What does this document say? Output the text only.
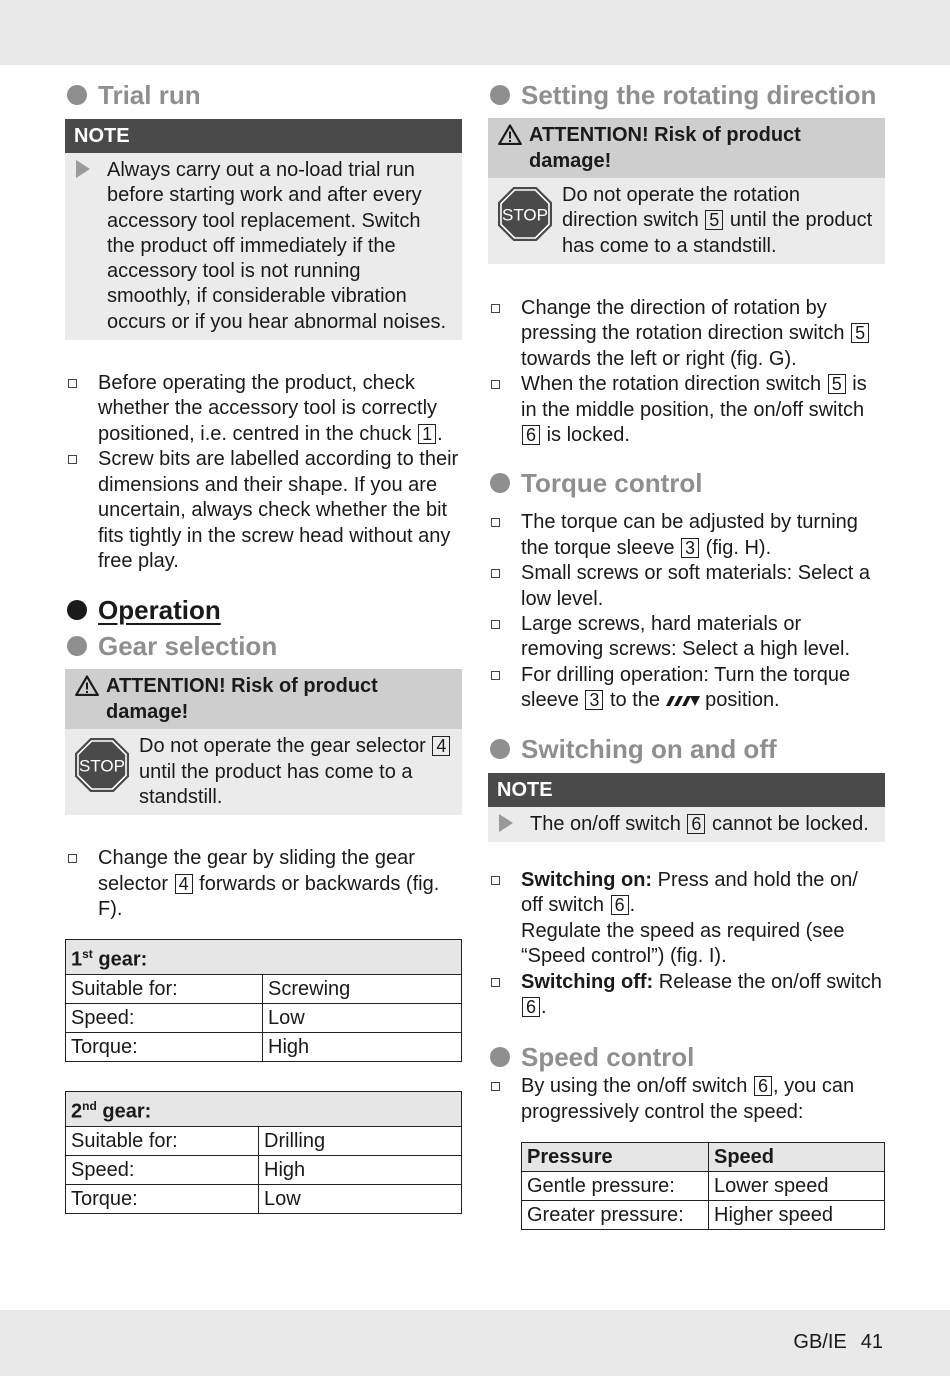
Trial run
NOTE
Always carry out a no-load trial run before starting work and after every accessory tool replacement. Switch the product off immediately if the accessory tool is not running smoothly, if considerable vibration occurs or if you hear abnormal noises.
Before operating the product, check whether the accessory tool is correctly positioned, i.e. centred in the chuck 1 .
Screw bits are labelled according to their dimensions and their shape. If you are uncertain, always check whether the bit fits tightly in the screw head without any free play.
Operation
Gear selection
ATTENTION! Risk of product damage!
STOP
Do not operate the gear selector 4 until the product has come to a standstill.
Change the gear by sliding the gear selector 4 forwards or backwards (fig. F).
1st gear:	
Suitable for:	Screwing
Speed:	Low
Torque:	High
2nd gear:	
Suitable for:	Drilling
Speed:	High
Torque:	Low
Setting the rotating direction
ATTENTION! Risk of product damage!
STOP
Do not operate the rotation direction switch 5 until the product has come to a standstill.
Change the direction of rotation by pressing the rotation direction switch 5 towards the left or right (fig. G).
When the rotation direction switch 5 is in the middle position, the on/off switch 6 is locked.
Torque control
The torque can be adjusted by turning the torque sleeve 3 (fig. H).
Small screws or soft materials: Select a low level.
Large screws, hard materials or removing screws: Select a high level.
For drilling operation: Turn the torque sleeve 3 to the position.
Switching on and off
NOTE
The on/off switch 6 cannot be locked.
Switching on: Press and hold the on/ off switch 6 .
Regulate the speed as required (see “Speed control”) (fig. I).
Switching off: Release the on/off switch 6 .
Speed control
By using the on/off switch 6 , you can progressively control the speed:
Pressure	Speed
Gentle pressure:	Lower speed
Greater pressure:	Higher speed
GB/IE 41
